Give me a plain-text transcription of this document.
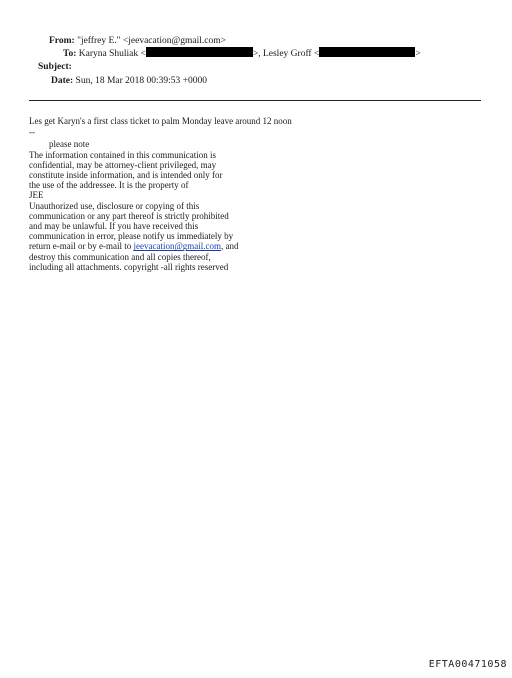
From: "jeffrey E." <jeevacation@gmail.com>
To: Karyna Shuliak <	>, Lesley Groff <	>
Subject:
Date: Sun, 18 Mar 2018 00:39:53 +0000

Les get Karyn's a first class ticket to palm Monday leave around 12 noon

--

please note

The information contained in this communication is
confidential, may be attorney-client privileged, may
constitute inside information, and is intended only for
the use of the addressee. It is the property of
JEE
Unauthorized use, disclosure or copying of this
communication or any part thereof is strictly prohibited
and may be unlawful. If you have received this
communication in error, please notify us immediately by
return e-mail or by e-mail to jeevacation@gmail.com, and
destroy this communication and all copies thereof,
including all attachments. copyright -all rights reserved

EFTA00471058
